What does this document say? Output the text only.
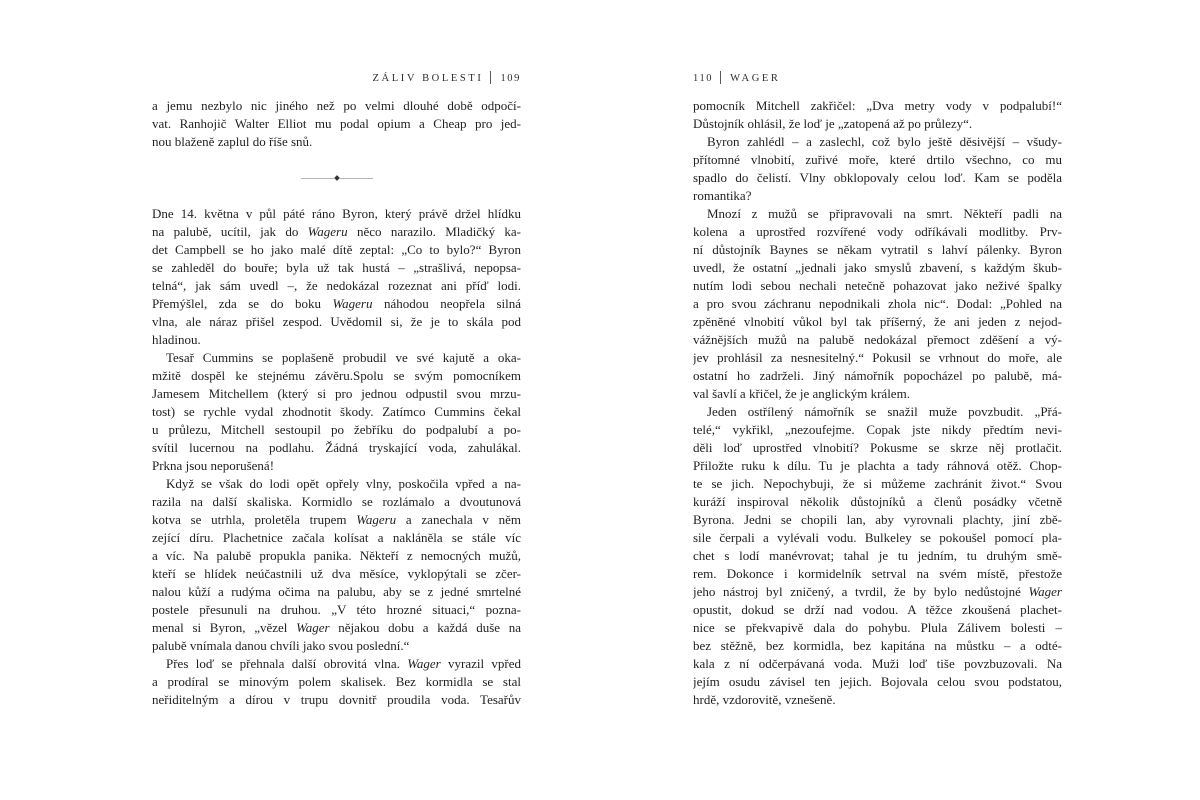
ZÁLIV BOLESTI 109
a jemu nezbylo nic jiného než po velmi dlouhé době odpočí-
vat. Ranhojič Walter Elliot mu podal opium a Cheap pro jed-
nou blaženě zaplul do říše snů.
Dne 14. května v půl páté ráno Byron, který právě držel hlídku
na palubě, ucítil, jak do Wageru něco narazilo. Mladičký ka-
det Campbell se ho jako malé dítě zeptal: „Co to bylo?“ Byron
se zahleděl do bouře; byla už tak hustá – „strašlivá, nepopsa-
telná“, jak sám uvedl –, že nedokázal rozeznat ani příď lodi.
Přemýšlel, zda se do boku Wageru náhodou neopřela silná
vlna, ale náraz přišel zespod. Uvědomil si, že je to skála pod
hladinou.
Tesař Cummins se poplašeně probudil ve své kajutě a oka-
mžitě dospěl ke stejnému závěru.Spolu se svým pomocníkem
Jamesem Mitchellem (který si pro jednou odpustil svou mrzu-
tost) se rychle vydal zhodnotit škody. Zatímco Cummins čekal
u průlezu, Mitchell sestoupil po žebříku do podpalubí a po-
svítil lucernou na podlahu. Žádná tryskající voda, zahulákal.
Prkna jsou neporušená!
Když se však do lodi opět opřely vlny, poskočila vpřed a na-
razila na další skaliska. Kormidlo se rozlámalo a dvoutunová
kotva se utrhla, proletěla trupem Wageru a zanechala v něm
zející díru. Plachetnice začala kolísat a nakláněla se stále víc
a víc. Na palubě propukla panika. Někteří z nemocných mužů,
kteří se hlídek neúčastnili už dva měsíce, vyklopýtali se zčer-
nalou kůží a rudýma očima na palubu, aby se z jedné smrtelné
postele přesunuli na druhou. „V této hrozné situaci,“ pozna-
menal si Byron, „vězel Wager nějakou dobu a každá duše na
palubě vnímala danou chvíli jako svou poslední.“
Přes loď se přehnala další obrovitá vlna. Wager vyrazil vpřed
a prodíral se minovým polem skalisek. Bez kormidla se stal
neřiditelným a dírou v trupu dovnitř proudila voda. Tesařův
110 WAGER
pomocník Mitchell zakřičel: „Dva metry vody v podpalubí!“
Důstojník ohlásil, že loď je „zatopená až po průlezy“.
Byron zahlédl – a zaslechl, což bylo ještě děsivější – všudy-
přítomné vlnobití, zuřivé moře, které drtilo všechno, co mu
spadlo do čelistí. Vlny obklopovaly celou loď. Kam se poděla
romantika?
Mnozí z mužů se připravovali na smrt. Někteří padli na
kolena a uprostřed rozvířené vody odříkávali modlitby. Prv-
ní důstojník Baynes se někam vytratil s lahví pálenky. Byron
uvedl, že ostatní „jednali jako smyslů zbavení, s každým škub-
nutím lodi sebou nechali netečně pohazovat jako neživé špalky
a pro svou záchranu nepodnikali zhola nic“. Dodal: „Pohled na
zpěněné vlnobití vůkol byl tak příšerný, že ani jeden z nejod-
vážnějších mužů na palubě nedokázal přemoct zděšení a vý-
jev prohlásil za nesnesitelný.“ Pokusil se vrhnout do moře, ale
ostatní ho zadrželi. Jiný námořník popocházel po palubě, má-
val šavlí a křičel, že je anglickým králem.
Jeden ostřílený námořník se snažil muže povzbudit. „Přá-
telé,“ vykřikl, „nezoufejme. Copak jste nikdy předtím nevi-
děli loď uprostřed vlnobití? Pokusme se skrze něj protlačit.
Přiložte ruku k dílu. Tu je plachta a tady ráhnová otěž. Chop-
te se jich. Nepochybuji, že si můžeme zachránit život.“ Svou
kuráží inspiroval několik důstojníků a členů posádky včetně
Byrona. Jedni se chopili lan, aby vyrovnali plachty, jiní zbě-
sile čerpali a vylévali vodu. Bulkeley se pokoušel pomocí pla-
chet s lodí manévrovat; tahal je tu jedním, tu druhým smě-
rem. Dokonce i kormidelník setrval na svém místě, přestože
jeho nástroj byl zničený, a tvrdil, že by bylo nedůstojné Wager
opustit, dokud se drží nad vodou. A těžce zkoušená plachet-
nice se překvapivě dala do pohybu. Plula Zálivem bolesti –
bez stěžně, bez kormidla, bez kapitána na můstku – a odté-
kala z ní odčerpávaná voda. Muži loď tiše povzbuzovali. Na
jejím osudu závisel ten jejich. Bojovala celou svou podstatou,
hrdě, vzdorovitě, vznešeně.
